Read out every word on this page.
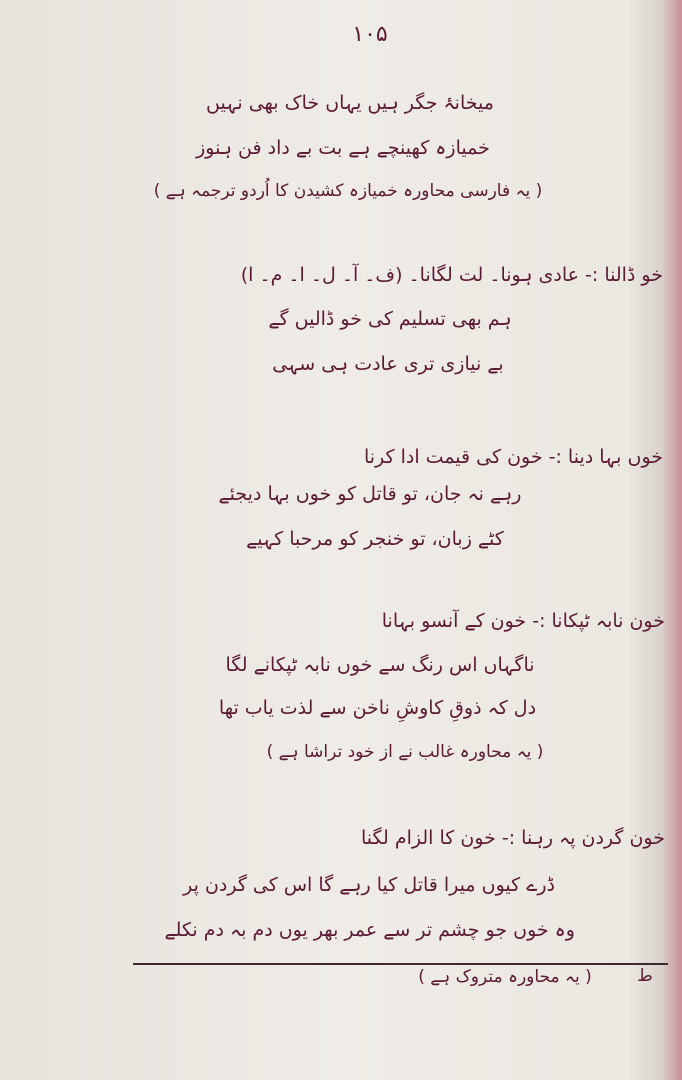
۱۰۵
میخانۂ جگر ہیں یہاں خاک بھی نہیں
خمیازہ کھینچے ہے بت بے داد فن ہنوز
( یہ فارسی محاورہ خمیازہ کشیدن کا اُردو ترجمہ ہے )
خو ڈالنا :- عادی ہونا۔ لت لگانا۔ (ف۔ آ۔ ل۔ ا۔ م۔ ا)
ہم بھی تسلیم کی خو ڈالیں گے
بے نیازی تری عادت ہی سہی
خوں بہا دینا :- خون کی قیمت ادا کرنا
رہے نہ جان، تو قاتل کو خوں بہا دیجئے
کٹے زبان، تو خنجر کو مرحبا کہیے
خون نابہ ٹپکانا :- خون کے آنسو بہانا
ناگہاں اس رنگ سے خوں نابہ ٹپکانے لگا
دل کہ ذوقِ کاوشِ ناخن سے لذت یاب تھا
( یہ محاورہ غالب نے از خود تراشا ہے )
خون گردن پہ رہنا :- خون کا الزام لگنا
ڈرے کیوں میرا قاتل کیا رہے گا اس کی گردن پر
وہ خوں جو چشم تر سے عمر بھر یوں دم بہ دم نکلے
( یہ محاورہ متروک ہے )	ط
